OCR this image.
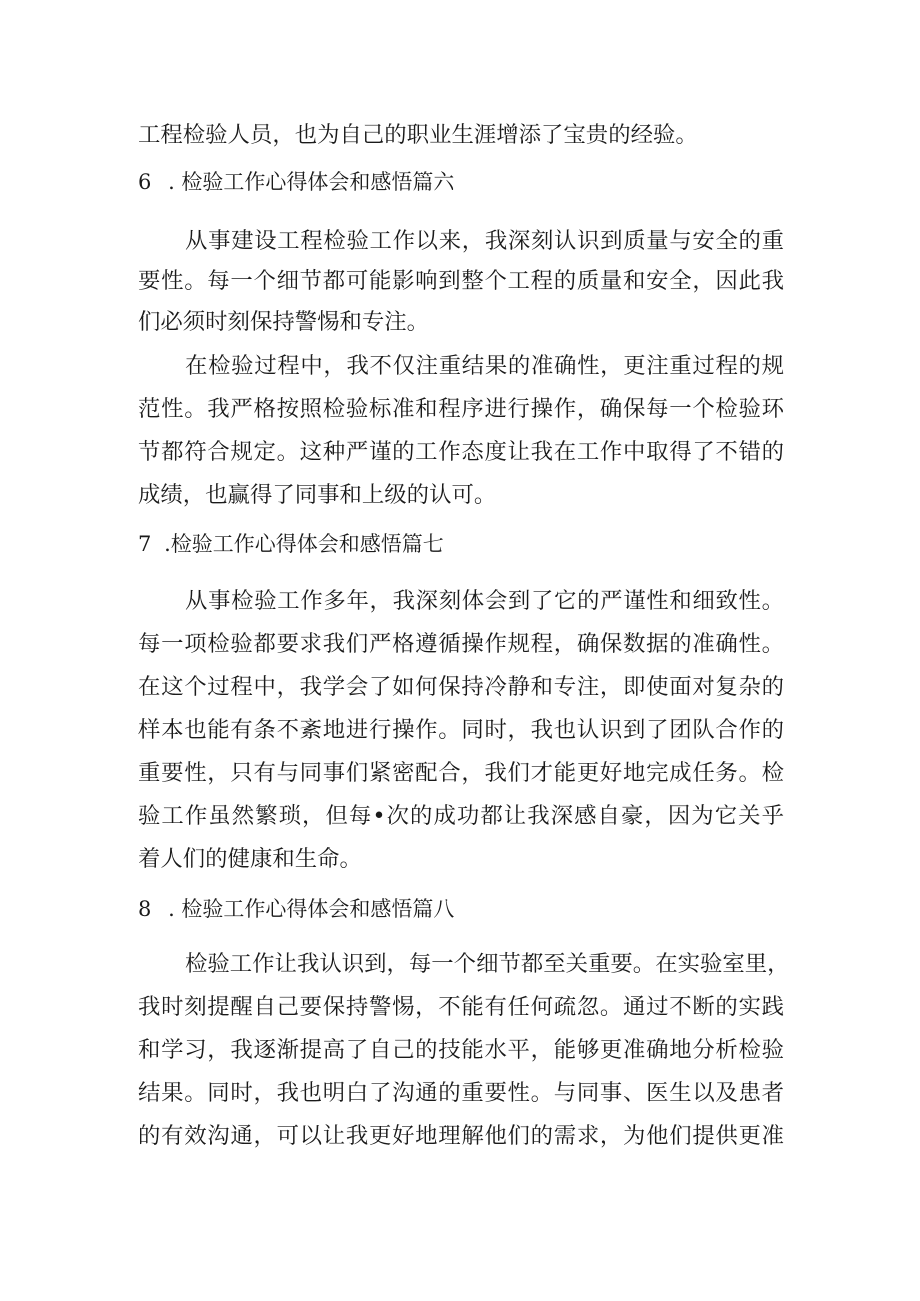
工程检验人员，也为自己的职业生涯增添了宝贵的经验。
6 . 检验工作心得体会和感悟篇六
从事建设工程检验工作以来，我深刻认识到质量与安全的重
要性。每一个细节都可能影响到整个工程的质量和安全，因此我
们必须时刻保持警惕和专注。
在检验过程中，我不仅注重结果的准确性，更注重过程的规
范性。我严格按照检验标准和程序进行操作，确保每一个检验环
节都符合规定。这种严谨的工作态度让我在工作中取得了不错的
成绩，也赢得了同事和上级的认可。
7 .检验工作心得体会和感悟篇七
从事检验工作多年，我深刻体会到了它的严谨性和细致性。
每一项检验都要求我们严格遵循操作规程，确保数据的准确性。
在这个过程中，我学会了如何保持冷静和专注，即使面对复杂的
样本也能有条不紊地进行操作。同时，我也认识到了团队合作的
重要性，只有与同事们紧密配合，我们才能更好地完成任务。检
验工作虽然繁琐，但每•次的成功都让我深感自豪，因为它关乎
着人们的健康和生命。
8 . 检验工作心得体会和感悟篇八
检验工作让我认识到，每一个细节都至关重要。在实验室里，
我时刻提醒自己要保持警惕，不能有任何疏忽。通过不断的实践
和学习，我逐渐提高了自己的技能水平，能够更准确地分析检验
结果。同时，我也明白了沟通的重要性。与同事、医生以及患者
的有效沟通，可以让我更好地理解他们的需求，为他们提供更准
